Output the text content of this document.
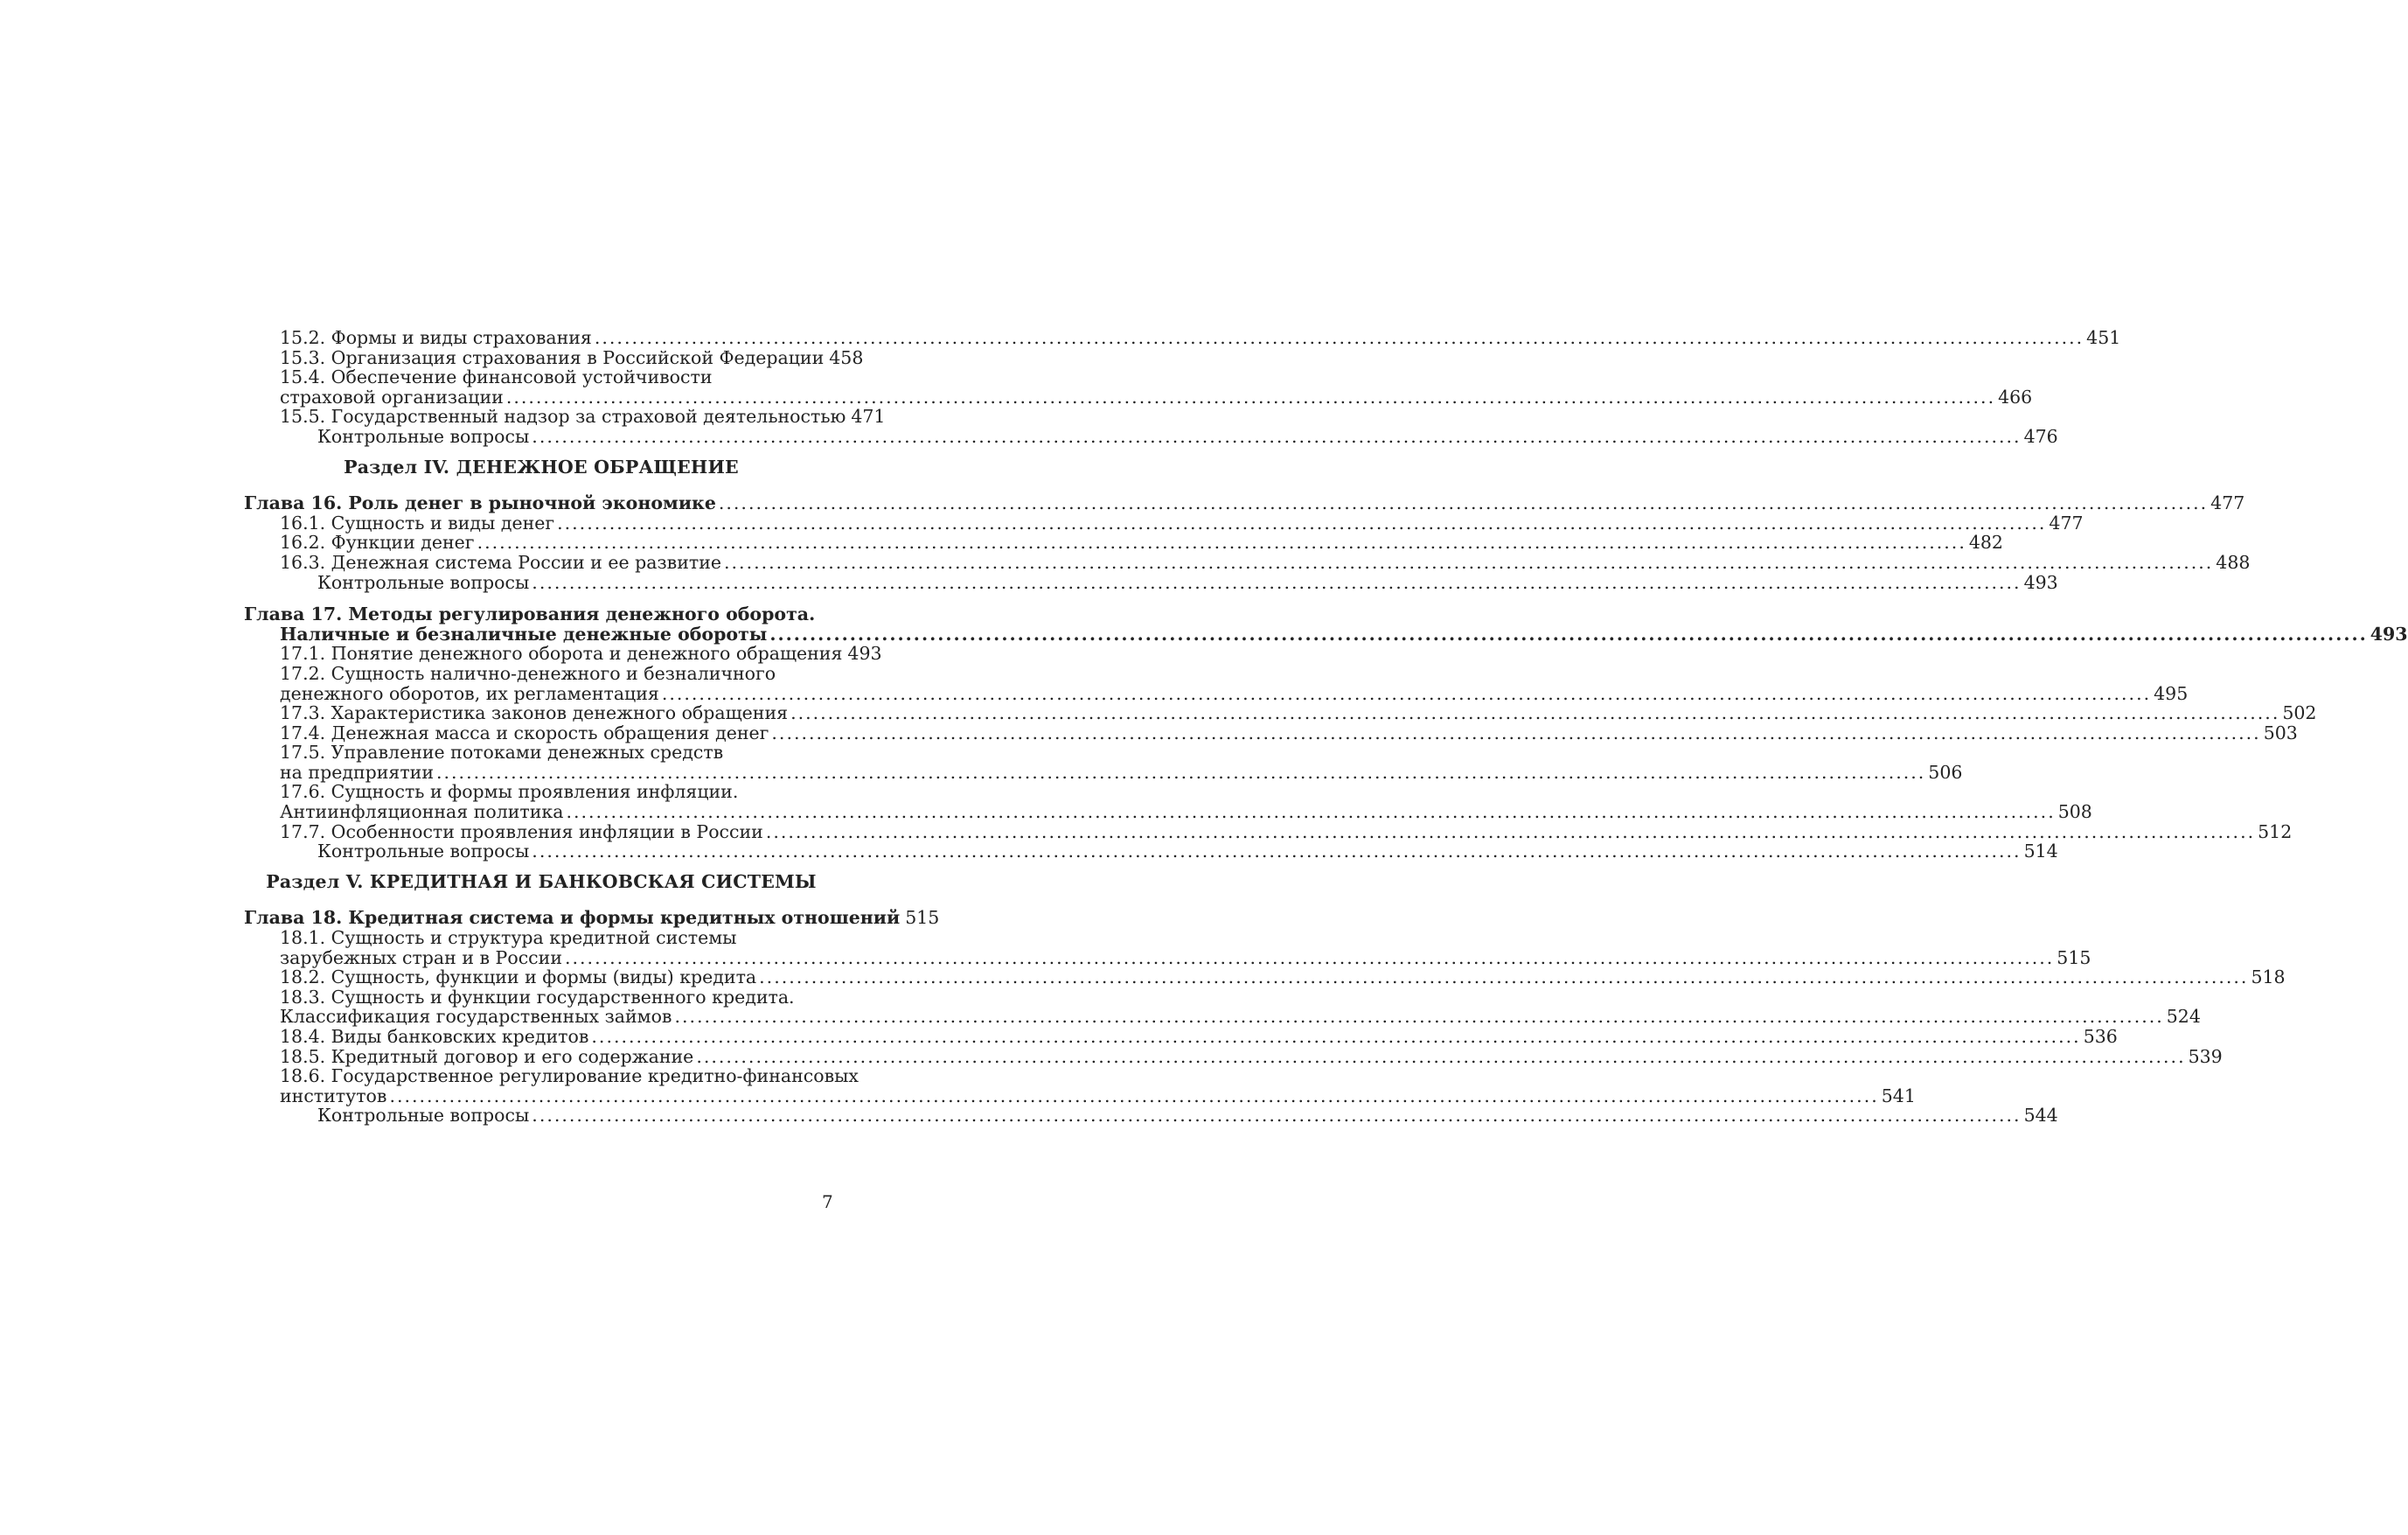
15.2. Формы и виды страхования ........................................................................................................................................................................................................ 451
15.3. Организация страхования в Российской Федерации 458
15.4. Обеспечение финансовой устойчивости
страховой организации ........................................................................................................................................................................................................ 466
15.5. Государственный надзор за страховой деятельностью 471
Контрольные вопросы ........................................................................................................................................................................................................ 476
Раздел IV. ДЕНЕЖНОЕ ОБРАЩЕНИЕ
Глава 16. Роль денег в рыночной экономике ........................................................................................................................................................................................................ 477
16.1. Сущность и виды денег ........................................................................................................................................................................................................ 477
16.2. Функции денег ........................................................................................................................................................................................................ 482
16.3. Денежная система России и ее развитие ........................................................................................................................................................................................................ 488
Контрольные вопросы ........................................................................................................................................................................................................ 493
Глава 17. Методы регулирования денежного оборота.
Наличные и безналичные денежные обороты ........................................................................................................................................................................................................ 493
17.1. Понятие денежного оборота и денежного обращения 493
17.2. Сущность налично-денежного и безналичного
денежного оборотов, их регламентация ........................................................................................................................................................................................................ 495
17.3. Характеристика законов денежного обращения ........................................................................................................................................................................................................ 502
17.4. Денежная масса и скорость обращения денег ........................................................................................................................................................................................................ 503
17.5. Управление потоками денежных средств
на предприятии ........................................................................................................................................................................................................ 506
17.6. Сущность и формы проявления инфляции.
Антиинфляционная политика ........................................................................................................................................................................................................ 508
17.7. Особенности проявления инфляции в России ........................................................................................................................................................................................................ 512
Контрольные вопросы ........................................................................................................................................................................................................ 514
Раздел V. КРЕДИТНАЯ И БАНКОВСКАЯ СИСТЕМЫ
Глава 18. Кредитная система и формы кредитных отношений 515
18.1. Сущность и структура кредитной системы
зарубежных стран и в России ........................................................................................................................................................................................................ 515
18.2. Сущность, функции и формы (виды) кредита ........................................................................................................................................................................................................ 518
18.3. Сущность и функции государственного кредита.
Классификация государственных займов ........................................................................................................................................................................................................ 524
18.4. Виды банковских кредитов ........................................................................................................................................................................................................ 536
18.5. Кредитный договор и его содержание ........................................................................................................................................................................................................ 539
18.6. Государственное регулирование кредитно-финансовых
институтов ........................................................................................................................................................................................................ 541
Контрольные вопросы ........................................................................................................................................................................................................ 544
7
